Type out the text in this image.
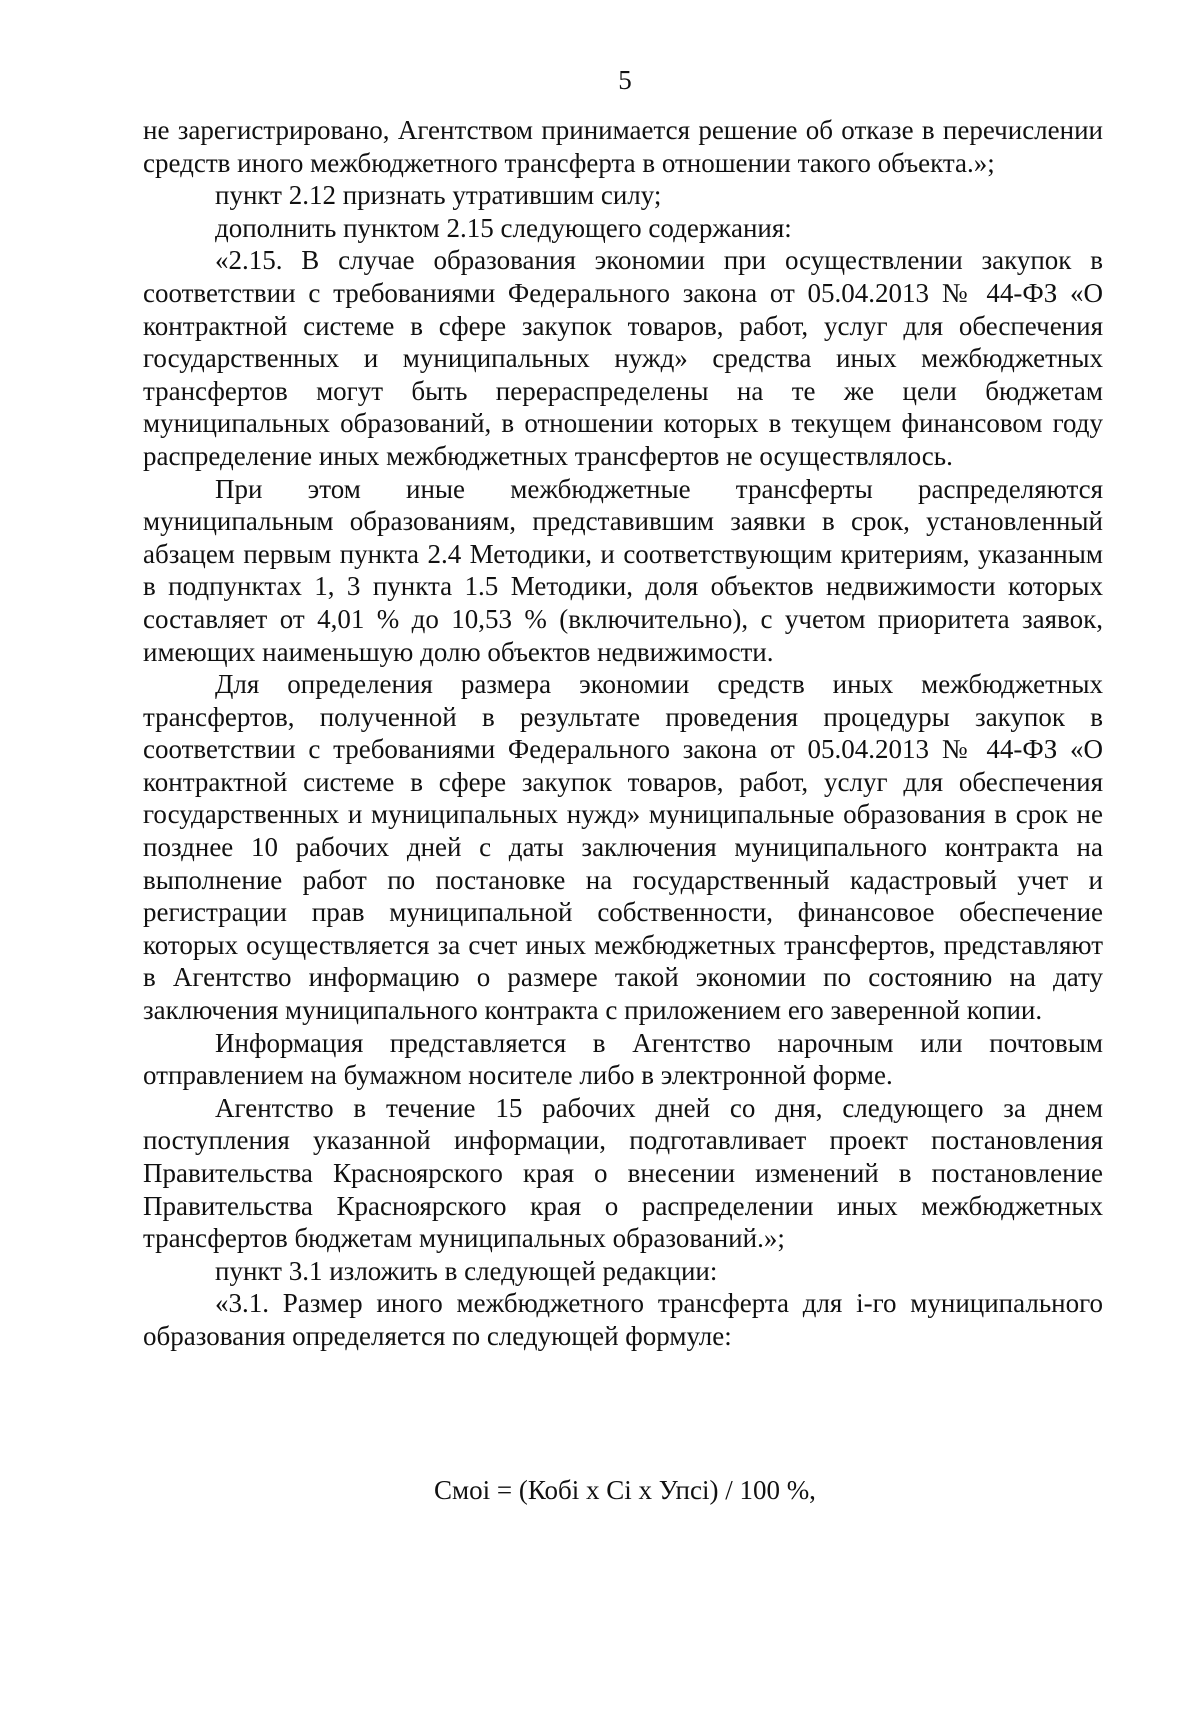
5

не зарегистрировано, Агентством принимается решение об отказе в перечислении средств иного межбюджетного трансферта в отношении такого объекта.»;

пункт 2.12 признать утратившим силу;

дополнить пунктом 2.15 следующего содержания:

«2.15. В случае образования экономии при осуществлении закупок в соответствии с требованиями Федерального закона от 05.04.2013 № 44-ФЗ «О контрактной системе в сфере закупок товаров, работ, услуг для обеспечения государственных и муниципальных нужд» средства иных межбюджетных трансфертов могут быть перераспределены на те же цели бюджетам муниципальных образований, в отношении которых в текущем финансовом году распределение иных межбюджетных трансфертов не осуществлялось.

При этом иные межбюджетные трансферты распределяются муниципальным образованиям, представившим заявки в срок, установленный абзацем первым пункта 2.4 Методики, и соответствующим критериям, указанным в подпунктах 1, 3 пункта 1.5 Методики, доля объектов недвижимости которых составляет от 4,01 % до 10,53 % (включительно), с учетом приоритета заявок, имеющих наименьшую долю объектов недвижимости.

Для определения размера экономии средств иных межбюджетных трансфертов, полученной в результате проведения процедуры закупок в соответствии с требованиями Федерального закона от 05.04.2013 № 44-ФЗ «О контрактной системе в сфере закупок товаров, работ, услуг для обеспечения государственных и муниципальных нужд» муниципальные образования в срок не позднее 10 рабочих дней с даты заключения муниципального контракта на выполнение работ по постановке на государственный кадастровый учет и регистрации прав муниципальной собственности, финансовое обеспечение которых осуществляется за счет иных межбюджетных трансфертов, представляют в Агентство информацию о размере такой экономии по состоянию на дату заключения муниципального контракта с приложением его заверенной копии.

Информация представляется в Агентство нарочным или почтовым отправлением на бумажном носителе либо в электронной форме.

Агентство в течение 15 рабочих дней со дня, следующего за днем поступления указанной информации, подготавливает проект постановления Правительства Красноярского края о внесении изменений в постановление Правительства Красноярского края о распределении иных межбюджетных трансфертов бюджетам муниципальных образований.»;

пункт 3.1 изложить в следующей редакции:

«3.1. Размер иного межбюджетного трансферта для i-го муниципального образования определяется по следующей формуле:

Смоi = (Кобi x Ci x Упсi) / 100 %,
